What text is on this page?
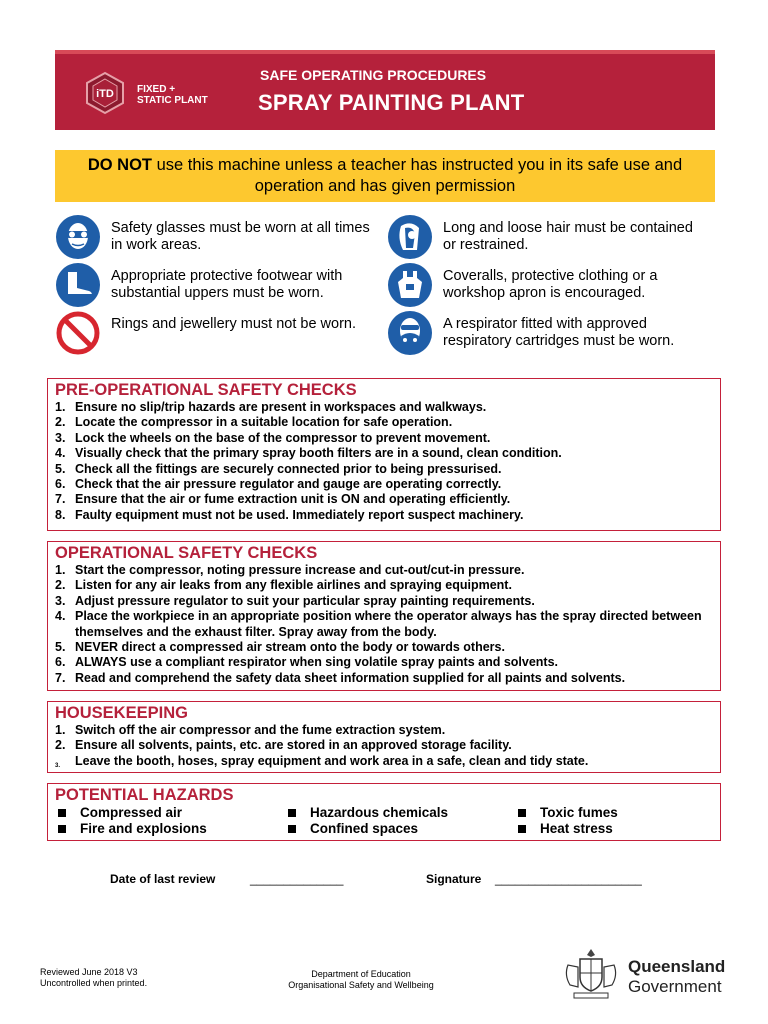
iTD FIXED +
STATIC PLANT
SAFE OPERATING PROCEDURES
SPRAY PAINTING PLANT
DO NOT use this machine unless a teacher has instructed you in its safe use and operation and has given permission
Safety glasses must be worn at all times in work areas.
Long and loose hair must be contained or restrained.
Appropriate protective footwear with substantial uppers must be worn.
Coveralls, protective clothing or a workshop apron is encouraged.
Rings and jewellery must not be worn.	A respirator fitted with approved respiratory cartridges must be worn.
PRE-OPERATIONAL SAFETY CHECKS
1. Ensure no slip/trip hazards are present in workspaces and walkways.
2. Locate the compressor in a suitable location for safe operation.
3. Lock the wheels on the base of the compressor to prevent movement.
4. Visually check that the primary spray booth filters are in a sound, clean condition.
5. Check all the fittings are securely connected prior to being pressurised.
6. Check that the air pressure regulator and gauge are operating correctly.
7. Ensure that the air or fume extraction unit is ON and operating efficiently.
8. Faulty equipment must not be used. Immediately report suspect machinery.
OPERATIONAL SAFETY CHECKS
1. Start the compressor, noting pressure increase and cut-out/cut-in pressure.
2. Listen for any air leaks from any flexible airlines and spraying equipment.
3. Adjust pressure regulator to suit your particular spray painting requirements.
4. Place the workpiece in an appropriate position where the operator always has the spray directed between themselves and the exhaust filter. Spray away from the body.
5. NEVER direct a compressed air stream onto the body or towards others.
6. ALWAYS use a compliant respirator when sing volatile spray paints and solvents.
7. Read and comprehend the safety data sheet information supplied for all paints and solvents.
HOUSEKEEPING
1. Switch off the air compressor and the fume extraction system.
2. Ensure all solvents, paints, etc. are stored in an approved storage facility.
3.	Leave the booth, hoses, spray equipment and work area in a safe, clean and tidy state.
POTENTIAL HAZARDS
Compressed air	Hazardous chemicals	Toxic fumes
Fire and explosions	Confined spaces	Heat stress
Date of last review	______________	Signature ______________________
Reviewed June 2018 V3
Uncontrolled when printed.
Department of Education
Organisational Safety and Wellbeing
Queensland
Government
